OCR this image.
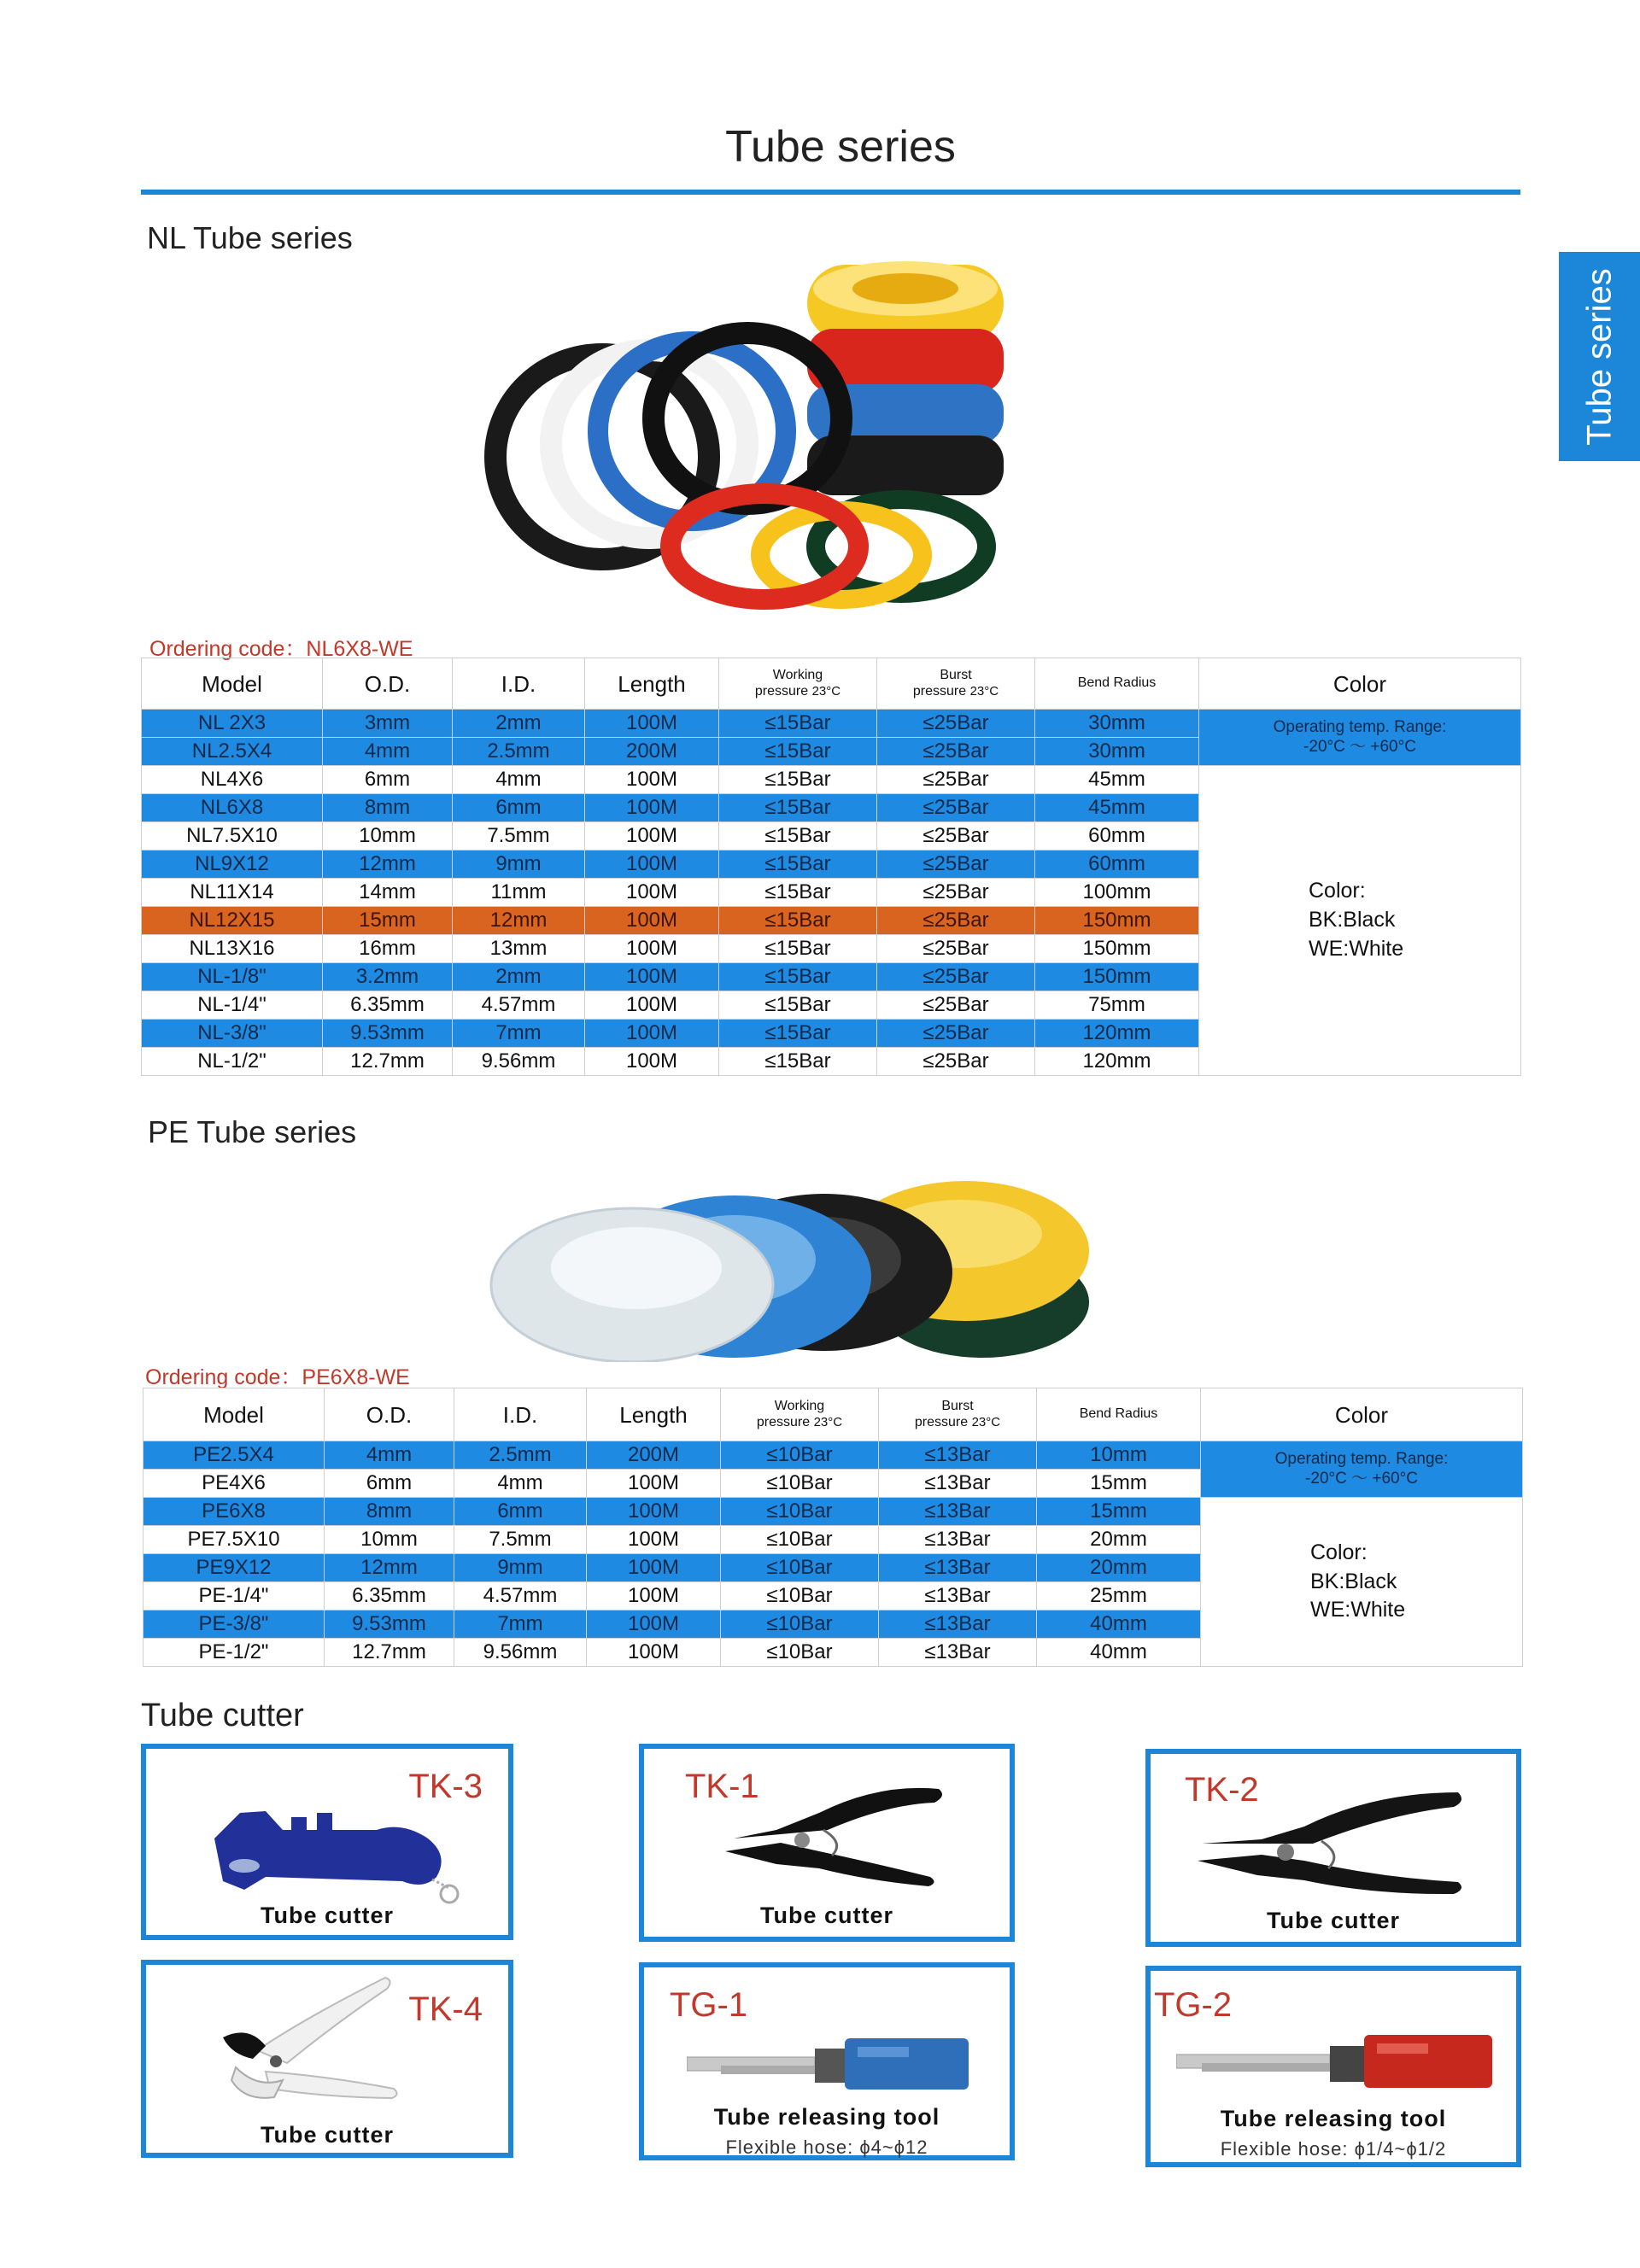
Tube series
Tube series
NL Tube series
Ordering code：NL6X8-WE
Model	O.D.	I.D.	Length	Working
pressure 23°C	Burst
pressure 23°C	Bend Radius	Color
NL 2X3	3mm	2mm	100M	≤15Bar	≤25Bar	30mm	Operating temp. Range:
-20°C ～ +60°C
NL2.5X4	4mm	2.5mm	200M	≤15Bar	≤25Bar	30mm	
NL4X6	6mm	4mm	100M	≤15Bar	≤25Bar	45mm	Color:
BK:Black
WE:White
NL6X8	8mm	6mm	100M	≤15Bar	≤25Bar	45mm	
NL7.5X10	10mm	7.5mm	100M	≤15Bar	≤25Bar	60mm	
NL9X12	12mm	9mm	100M	≤15Bar	≤25Bar	60mm	
NL11X14	14mm	11mm	100M	≤15Bar	≤25Bar	100mm	
NL12X15	15mm	12mm	100M	≤15Bar	≤25Bar	150mm	
NL13X16	16mm	13mm	100M	≤15Bar	≤25Bar	150mm	
NL-1/8"	3.2mm	2mm	100M	≤15Bar	≤25Bar	150mm	
NL-1/4"	6.35mm	4.57mm	100M	≤15Bar	≤25Bar	75mm	
NL-3/8"	9.53mm	7mm	100M	≤15Bar	≤25Bar	120mm	
NL-1/2"	12.7mm	9.56mm	100M	≤15Bar	≤25Bar	120mm	
PE Tube series
Ordering code：PE6X8-WE
Model	O.D.	I.D.	Length	Working
pressure 23°C	Burst
pressure 23°C	Bend Radius	Color
PE2.5X4	4mm	2.5mm	200M	≤10Bar	≤13Bar	10mm	Operating temp. Range:
-20°C ～ +60°C
PE4X6	6mm	4mm	100M	≤10Bar	≤13Bar	15mm	
PE6X8	8mm	6mm	100M	≤10Bar	≤13Bar	15mm	Color:
BK:Black
WE:White
PE7.5X10	10mm	7.5mm	100M	≤10Bar	≤13Bar	20mm	
PE9X12	12mm	9mm	100M	≤10Bar	≤13Bar	20mm	
PE-1/4"	6.35mm	4.57mm	100M	≤10Bar	≤13Bar	25mm	
PE-3/8"	9.53mm	7mm	100M	≤10Bar	≤13Bar	40mm	
PE-1/2"	12.7mm	9.56mm	100M	≤10Bar	≤13Bar	40mm	
Tube cutter
TK-3
Tube cutter
TK-1
Tube cutter
TK-2
Tube cutter
TK-4
Tube cutter
TG-1
Tube releasing tool
Flexible hose: ϕ4~ϕ12
TG-2
Tube releasing tool
Flexible hose: ϕ1/4~ϕ1/2
